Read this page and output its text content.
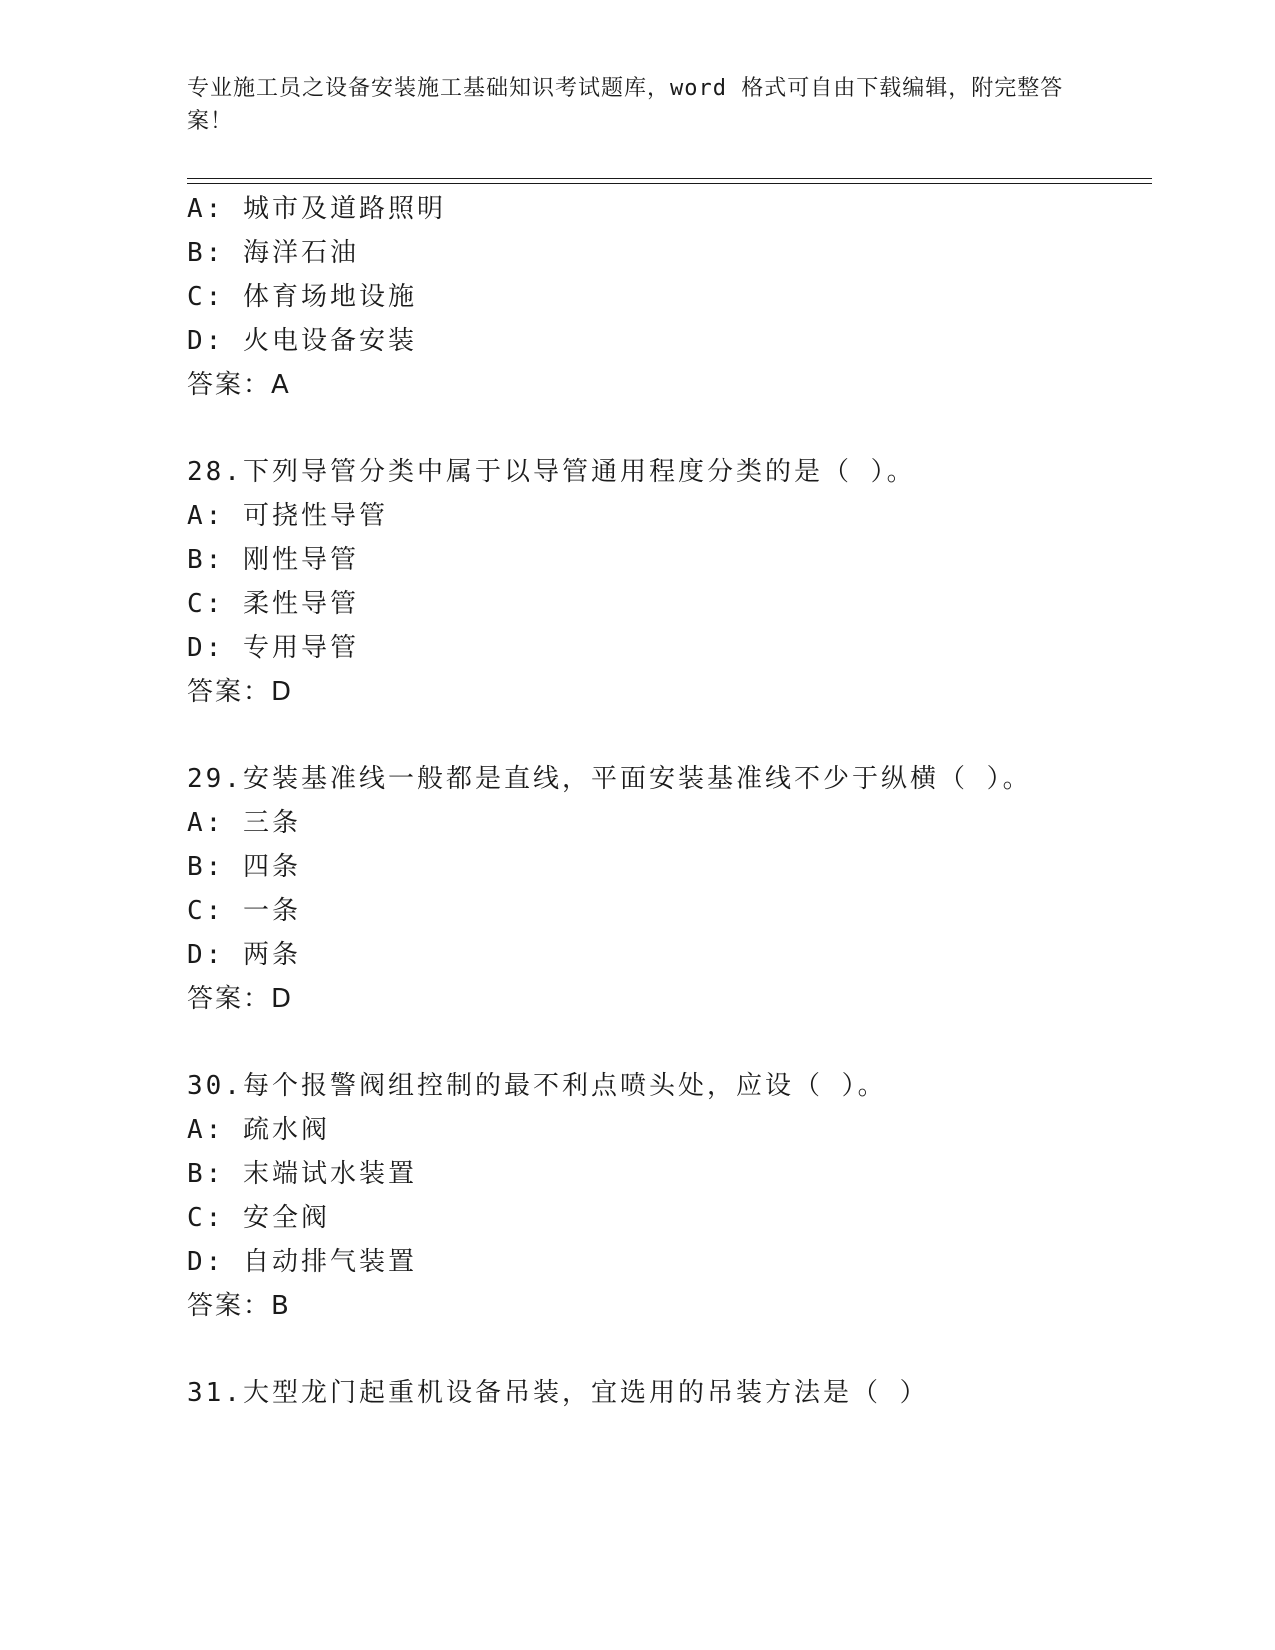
专业施工员之设备安装施工基础知识考试题库，word 格式可自由下载编辑，附完整答案！
A: 城市及道路照明
B: 海洋石油
C: 体育场地设施
D: 火电设备安装
答案：A
28.下列导管分类中属于以导管通用程度分类的是（ ）。
A: 可挠性导管
B: 刚性导管
C: 柔性导管
D: 专用导管
答案：D
29.安装基准线一般都是直线，平面安装基准线不少于纵横（ ）。
A: 三条
B: 四条
C: 一条
D: 两条
答案：D
30.每个报警阀组控制的最不利点喷头处，应设（ ）。
A: 疏水阀
B: 末端试水装置
C: 安全阀
D: 自动排气装置
答案：B
31.大型龙门起重机设备吊装，宜选用的吊装方法是（ ）
